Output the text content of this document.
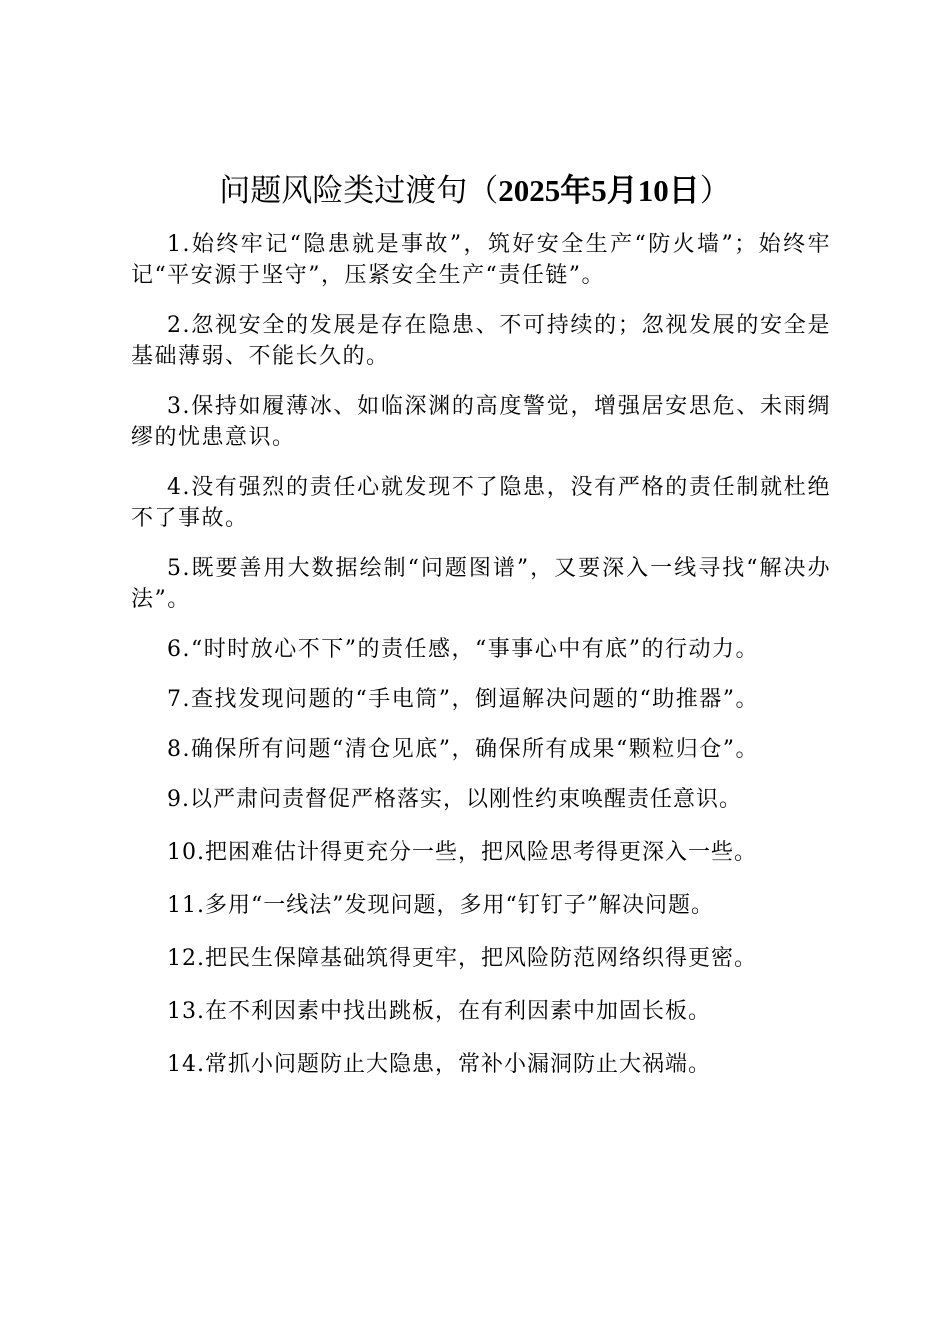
问题风险类过渡句（2025年5月10日）

1.始终牢记“隐患就是事故”，筑好安全生产“防火墙”；始终牢记“平安源于坚守”，压紧安全生产“责任链”。

2.忽视安全的发展是存在隐患、不可持续的；忽视发展的安全是基础薄弱、不能长久的。

3.保持如履薄冰、如临深渊的高度警觉，增强居安思危、未雨绸缪的忧患意识。

4.没有强烈的责任心就发现不了隐患，没有严格的责任制就杜绝不了事故。

5.既要善用大数据绘制“问题图谱”，又要深入一线寻找“解决办法”。

6.“时时放心不下”的责任感，“事事心中有底”的行动力。

7.查找发现问题的“手电筒”，倒逼解决问题的“助推器”。

8.确保所有问题“清仓见底”，确保所有成果“颗粒归仓”。

9.以严肃问责督促严格落实，以刚性约束唤醒责任意识。

10.把困难估计得更充分一些，把风险思考得更深入一些。

11.多用“一线法”发现问题，多用“钉钉子”解决问题。

12.把民生保障基础筑得更牢，把风险防范网络织得更密。

13.在不利因素中找出跳板，在有利因素中加固长板。

14.常抓小问题防止大隐患，常补小漏洞防止大祸端。
